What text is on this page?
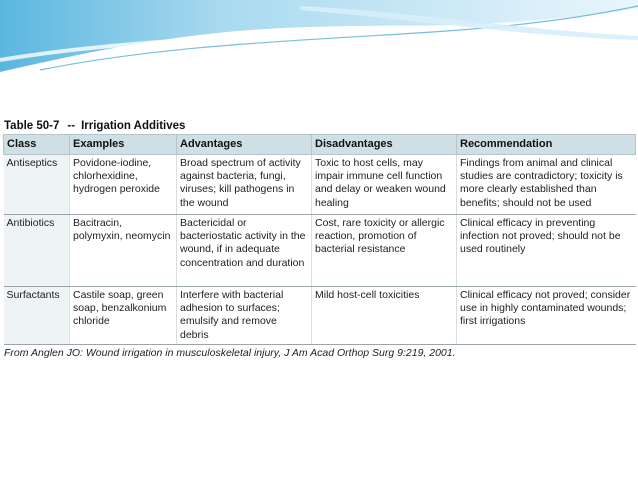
Table 50-7 -- Irrigation Additives
Class	Examples	Advantages	Disadvantages	Recommendation
Antiseptics	Povidone-iodine, chlorhexidine, hydrogen peroxide	Broad spectrum of activity against bacteria, fungi, viruses; kill pathogens in the wound	Toxic to host cells, may impair immune cell function and delay or weaken wound healing	Findings from animal and clinical studies are contradictory; toxicity is more clearly established than benefits; should not be used
Antibiotics	Bacitracin, polymyxin, neomycin	Bactericidal or bacteriostatic activity in the wound, if in adequate concentration and duration	Cost, rare toxicity or allergic reaction, promotion of bacterial resistance	Clinical efficacy in preventing infection not proved; should not be used routinely
Surfactants	Castile soap, green soap, benzalkonium chloride	Interfere with bacterial adhesion to surfaces; emulsify and remove debris	Mild host-cell toxicities	Clinical efficacy not proved; consider use in highly contaminated wounds; first irrigations
From Anglen JO: Wound irrigation in musculoskeletal injury, J Am Acad Orthop Surg 9:219, 2001.
